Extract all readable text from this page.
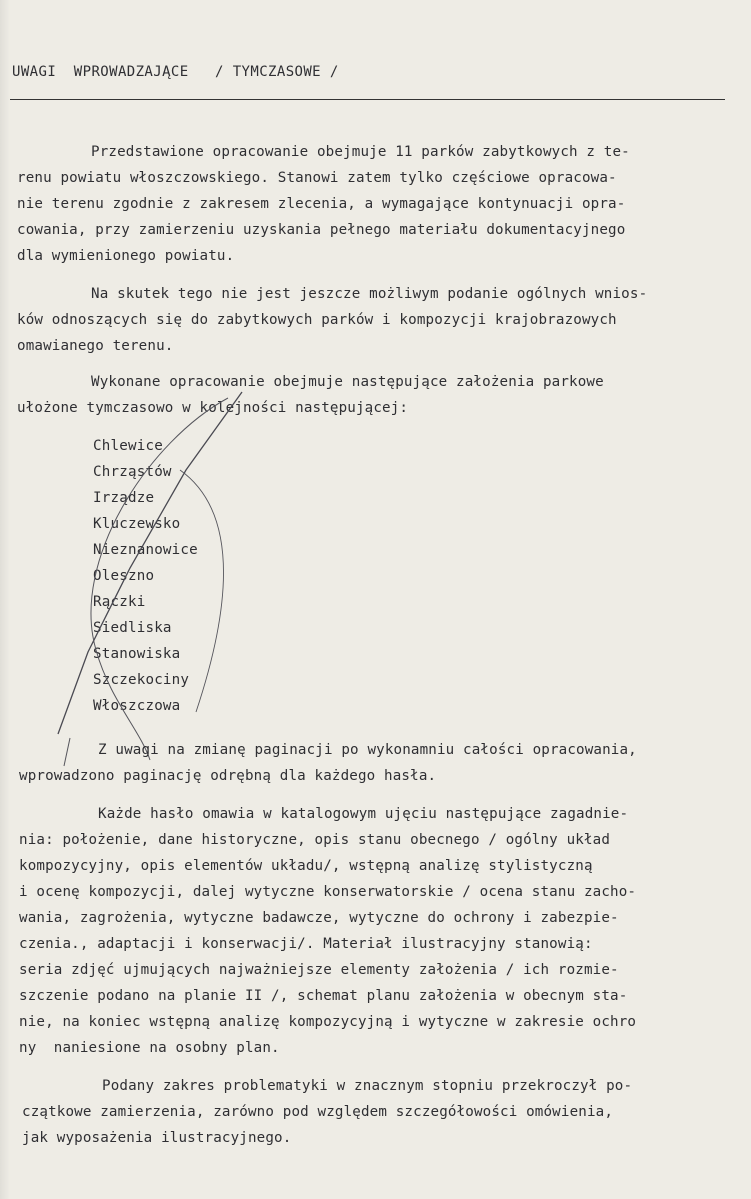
UWAGI  WPROWADZAJĄCE   / TYMCZASOWE /
Przedstawione opracowanie obejmuje 11 parków zabytkowych z te-
renu powiatu włoszczowskiego. Stanowi zatem tylko częściowe opracowa-
nie terenu zgodnie z zakresem zlecenia, a wymagające kontynuacji opra-
cowania, przy zamierzeniu uzyskania pełnego materiału dokumentacyjnego
dla wymienionego powiatu.
Na skutek tego nie jest jeszcze możliwym podanie ogólnych wnios-
ków odnoszących się do zabytkowych parków i kompozycji krajobrazowych
omawianego terenu.
Wykonane opracowanie obejmuje następujące założenia parkowe
ułożone tymczasowo w kolejności następującej:
Chlewice
Chrząstów
Irządze
Kluczewsko
Nieznanowice
Oleszno
Rączki
Siedliska
Stanowiska
Szczekociny
Włoszczowa
Z uwagi na zmianę paginacji po wykonamniu całości opracowania,
wprowadzono paginację odrębną dla każdego hasła.
Każde hasło omawia w katalogowym ujęciu następujące zagadnie-
nia: położenie, dane historyczne, opis stanu obecnego / ogólny układ
kompozycyjny, opis elementów układu/, wstępną analizę stylistyczną
i ocenę kompozycji, dalej wytyczne konserwatorskie / ocena stanu zacho-
wania, zagrożenia, wytyczne badawcze, wytyczne do ochrony i zabezpie-
czenia., adaptacji i konserwacji/. Materiał ilustracyjny stanowią:
seria zdjęć ujmujących najważniejsze elementy założenia / ich rozmie-
szczenie podano na planie II /, schemat planu założenia w obecnym sta-
nie, na koniec wstępną analizę kompozycyjną i wytyczne w zakresie ochro
ny  naniesione na osobny plan.
Podany zakres problematyki w znacznym stopniu przekroczył po-
czątkowe zamierzenia, zarówno pod względem szczegółowości omówienia,
jak wyposażenia ilustracyjnego.
